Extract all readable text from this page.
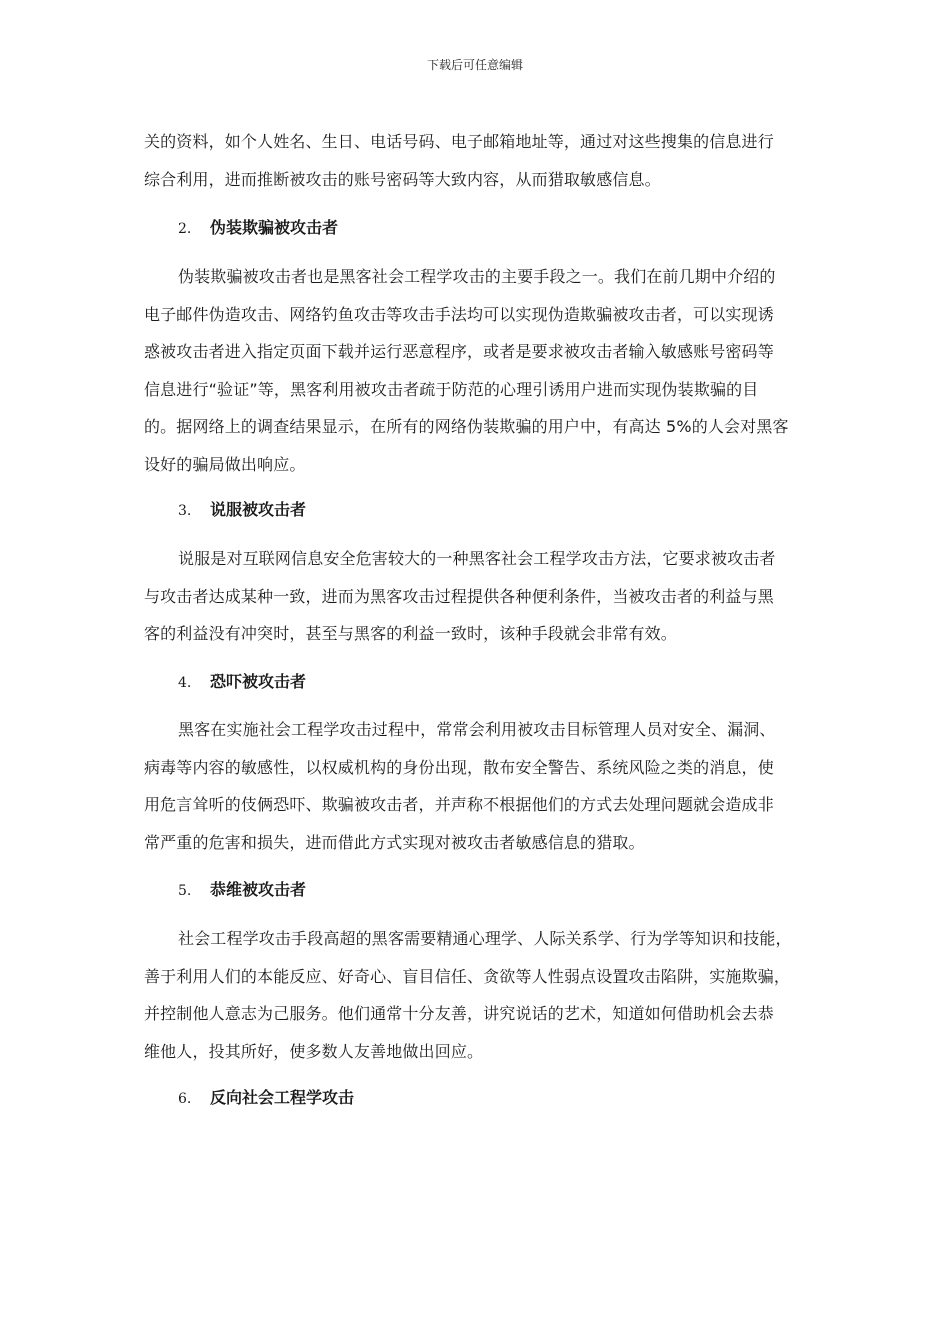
下载后可任意编辑

关的资料，如个人姓名、生日、电话号码、电子邮箱地址等，通过对这些搜集的信息进行
综合利用，进而推断被攻击的账号密码等大致内容，从而猎取敏感信息。

2. 伪装欺骗被攻击者

伪装欺骗被攻击者也是黑客社会工程学攻击的主要手段之一。我们在前几期中介绍的
电子邮件伪造攻击、网络钓鱼攻击等攻击手法均可以实现伪造欺骗被攻击者，可以实现诱
惑被攻击者进入指定页面下载并运行恶意程序，或者是要求被攻击者输入敏感账号密码等
信息进行“验证”等，黑客利用被攻击者疏于防范的心理引诱用户进而实现伪装欺骗的目
的。据网络上的调查结果显示，在所有的网络伪装欺骗的用户中，有高达 5%的人会对黑客
设好的骗局做出响应。

3. 说服被攻击者

说服是对互联网信息安全危害较大的一种黑客社会工程学攻击方法，它要求被攻击者
与攻击者达成某种一致，进而为黑客攻击过程提供各种便利条件，当被攻击者的利益与黑
客的利益没有冲突时，甚至与黑客的利益一致时，该种手段就会非常有效。

4. 恐吓被攻击者

黑客在实施社会工程学攻击过程中，常常会利用被攻击目标管理人员对安全、漏洞、
病毒等内容的敏感性，以权威机构的身份出现，散布安全警告、系统风险之类的消息，使
用危言耸听的伎俩恐吓、欺骗被攻击者，并声称不根据他们的方式去处理问题就会造成非
常严重的危害和损失，进而借此方式实现对被攻击者敏感信息的猎取。

5. 恭维被攻击者

社会工程学攻击手段高超的黑客需要精通心理学、人际关系学、行为学等知识和技能，
善于利用人们的本能反应、好奇心、盲目信任、贪欲等人性弱点设置攻击陷阱，实施欺骗，
并控制他人意志为己服务。他们通常十分友善，讲究说话的艺术，知道如何借助机会去恭
维他人，投其所好，使多数人友善地做出回应。

6. 反向社会工程学攻击
